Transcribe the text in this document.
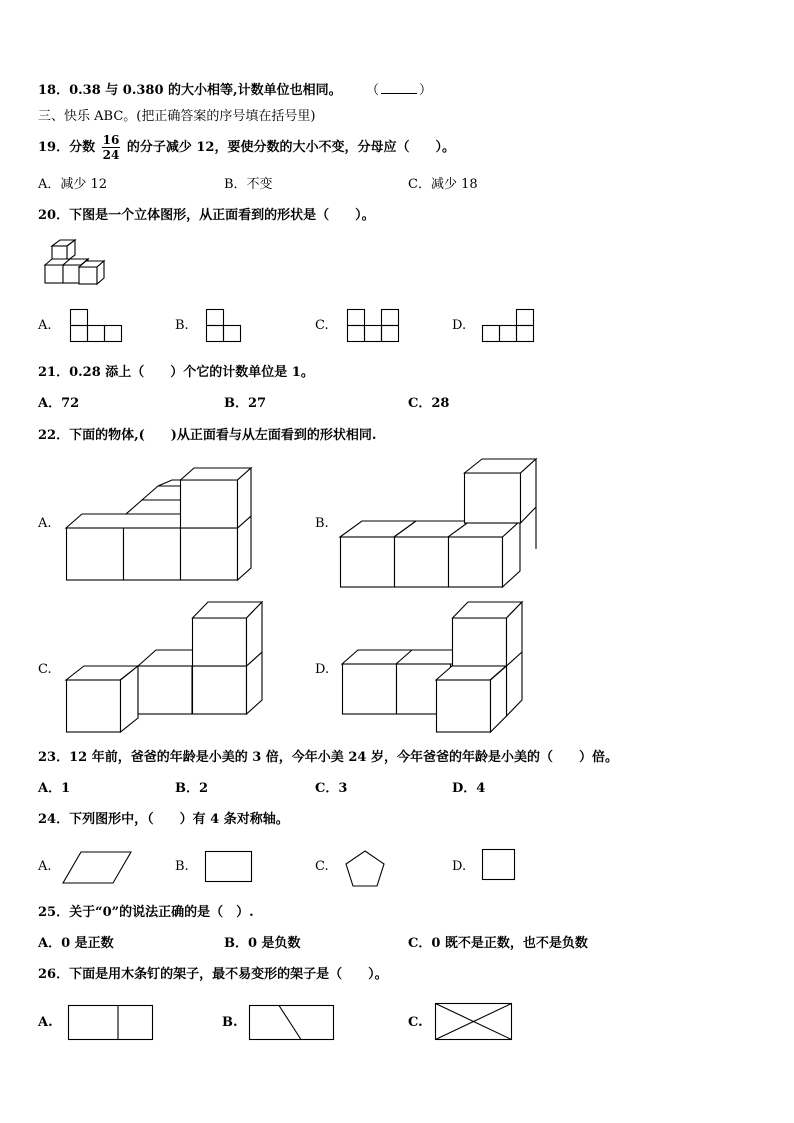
18．0.38 与 0.380 的大小相等,计数单位也相同。 （	）
三、快乐 ABC。(把正确答案的序号填在括号里)
19．分数 $\frac{16}{24}$ 的分子减少 12，要使分数的大小不变，分母应（　　）。
A．减少 12	B．不变	C．减少 18
20．下图是一个立体图形，从正面看到的形状是（　　）。
A.	B.	C.	D.
21．0.28 添上（　　）个它的计数单位是 1。
A．72	B．27	C．28
22．下面的物体,(　　)从正面看与从左面看到的形状相同.
A.	B.
C.	D.
23．12 年前，爸爸的年龄是小美的 3 倍，今年小美 24 岁，今年爸爸的年龄是小美的（　　）倍。
A．1	B．2	C．3	D．4
24．下列图形中，（　　）有 4 条对称轴。
A.	B.	C.	D.
25．关于“0”的说法正确的是（　）.
A．0 是正数	B．0 是负数	C．0 既不是正数，也不是负数
26．下面是用木条钉的架子，最不易变形的架子是（　　）。
A.	B.	C.
